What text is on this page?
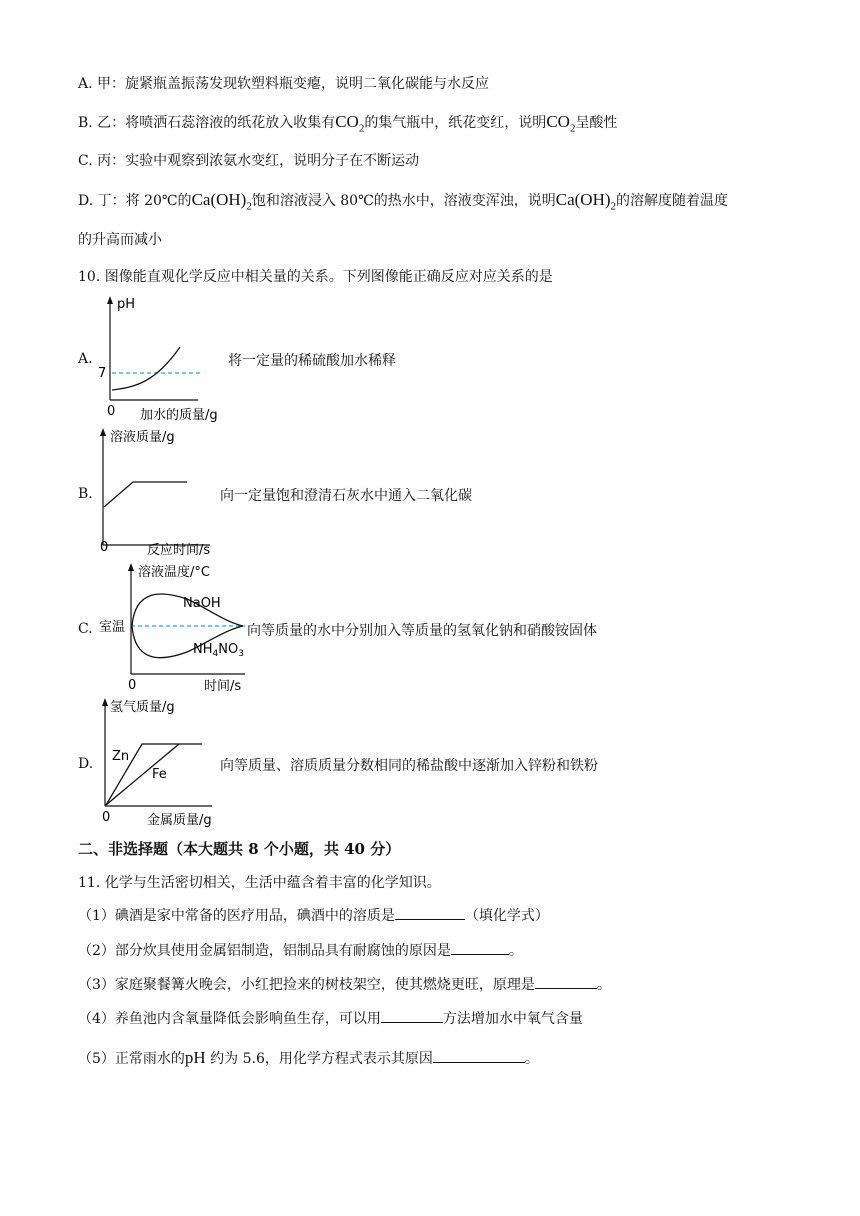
A. 甲：旋紧瓶盖振荡发现软塑料瓶变瘪，说明二氧化碳能与水反应
B. 乙：将喷洒石蕊溶液的纸花放入收集有$CO_2$的集气瓶中，纸花变红，说明$CO_2$呈酸性
C. 丙：实验中观察到浓氨水变红，说明分子在不断运动
D. 丁：将 20℃的$Ca(OH)_2$饱和溶液浸入 80℃的热水中，溶液变浑浊，说明$Ca(OH)_2$的溶解度随着温度
的升高而减小
10. 图像能直观化学反应中相关量的关系。下列图像能正确反应对应关系的是
A.
pH
7
0 加水的质量/g
将一定量的稀硫酸加水稀释
B.
溶液质量/g
0	反应时间/s
向一定量饱和澄清石灰水中通入二氧化碳
C.
溶液温度/°C
室温
NaOH
$NH_4NO_3$
0	时间/s
向等质量的水中分别加入等质量的氢氧化钠和硝酸铵固体
D.
氢气质量/g
Zn
Fe
0	金属质量/g
向等质量、溶质质量分数相同的稀盐酸中逐渐加入锌粉和铁粉
二、非选择题（本大题共 8 个小题，共 40 分）
11. 化学与生活密切相关，生活中蕴含着丰富的化学知识。
（1）碘酒是家中常备的医疗用品，碘酒中的溶质是	（填化学式）
（2）部分炊具使用金属铝制造，铝制品具有耐腐蚀的原因是	。
（3）家庭聚餐篝火晚会，小红把捡来的树枝架空，使其燃烧更旺，原理是	。
（4）养鱼池内含氧量降低会影响鱼生存，可以用	方法增加水中氧气含量
（5）正常雨水的pH 约为 5.6，用化学方程式表示其原因	。
